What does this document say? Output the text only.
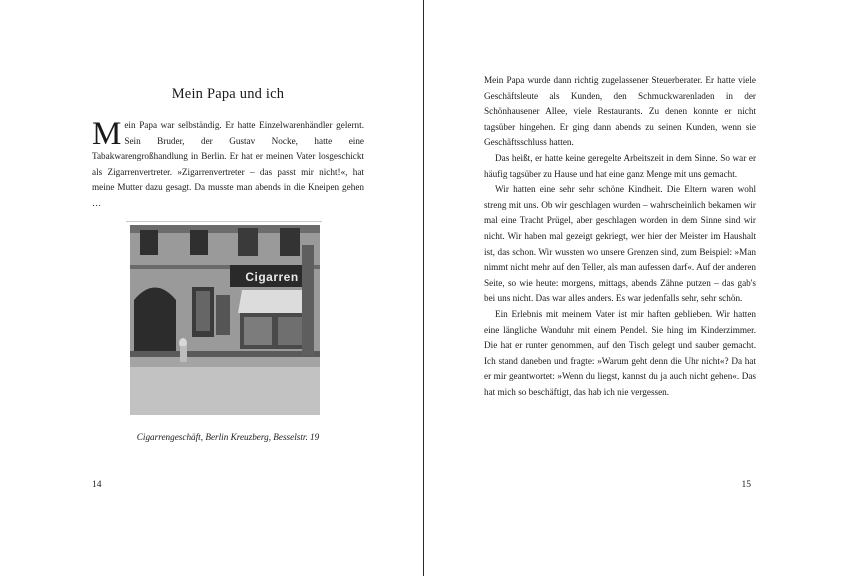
Mein Papa und ich
Mein Papa war selbständig. Er hatte Einzelwarenhändler gelernt. Sein Bruder, der Gustav Nocke, hatte eine Tabakwarengroßhandlung in Berlin. Er hat er meinen Vater losgeschickt als Zigarrenvertreter. »Zigarrenvertreter – das passt mir nicht!«, hat meine Mutter dazu gesagt. Da musste man abends in die Kneipen gehen …
Cigarren
Cigarrengeschäft, Berlin Kreuzberg, Besselstr. 19
14

Mein Papa wurde dann richtig zugelassener Steuerberater. Er hatte viele Geschäftsleute als Kunden, den Schmuckwarenladen in der Schönhausener Allee, viele Restaurants. Zu denen konnte er nicht tagsüber hingehen. Er ging dann abends zu seinen Kunden, wenn sie Geschäftsschluss hatten.

Das heißt, er hatte keine geregelte Arbeitszeit in dem Sinne. So war er häufig tagsüber zu Hause und hat eine ganz Menge mit uns gemacht.

Wir hatten eine sehr sehr schöne Kindheit. Die Eltern waren wohl streng mit uns. Ob wir geschlagen wurden – wahrscheinlich bekamen wir mal eine Tracht Prügel, aber geschlagen worden in dem Sinne sind wir nicht. Wir haben mal gezeigt gekriegt, wer hier der Meister im Haushalt ist, das schon. Wir wussten wo unsere Grenzen sind, zum Beispiel: »Man nimmt nicht mehr auf den Teller, als man aufessen darf«. Auf der anderen Seite, so wie heute: morgens, mittags, abends Zähne putzen – das gab's bei uns nicht. Das war alles anders. Es war jedenfalls sehr, sehr schön.

Ein Erlebnis mit meinem Vater ist mir haften geblieben. Wir hatten eine längliche Wanduhr mit einem Pendel. Sie hing im Kinderzimmer. Die hat er runter genommen, auf den Tisch gelegt und sauber gemacht. Ich stand daneben und fragte: »Warum geht denn die Uhr nicht«? Da hat er mir geantwortet: »Wenn du liegst, kannst du ja auch nicht gehen«. Das hat mich so beschäftigt, das hab ich nie vergessen.

15
